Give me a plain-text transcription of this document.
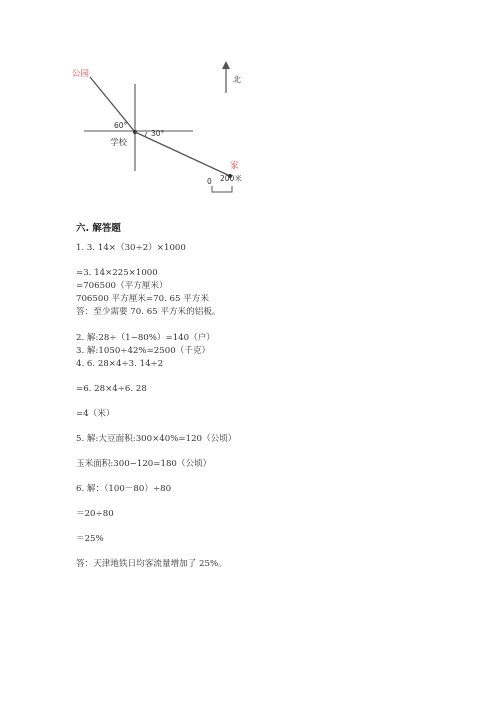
北
公园
60°
30°
学校
家
0 200米
六. 解答题
1. 3. 14×（30÷2）×1000
=3. 14×225×1000
=706500（平方厘米）
706500 平方厘米=70. 65 平方米
答：至少需要 70. 65 平方米的铝板。
2. 解:28÷（1−80%）=140（户）
3. 解:1050÷42%=2500（千克）
4. 6. 28×4÷3. 14÷2
=6. 28×4÷6. 28
=4（米）
5. 解:大豆面积:300×40%=120（公顷）
玉米面积:300−120=180（公顷）
6. 解：（100－80）÷80
＝20÷80
＝25%
答：天津地铁日均客流量增加了 25%。
